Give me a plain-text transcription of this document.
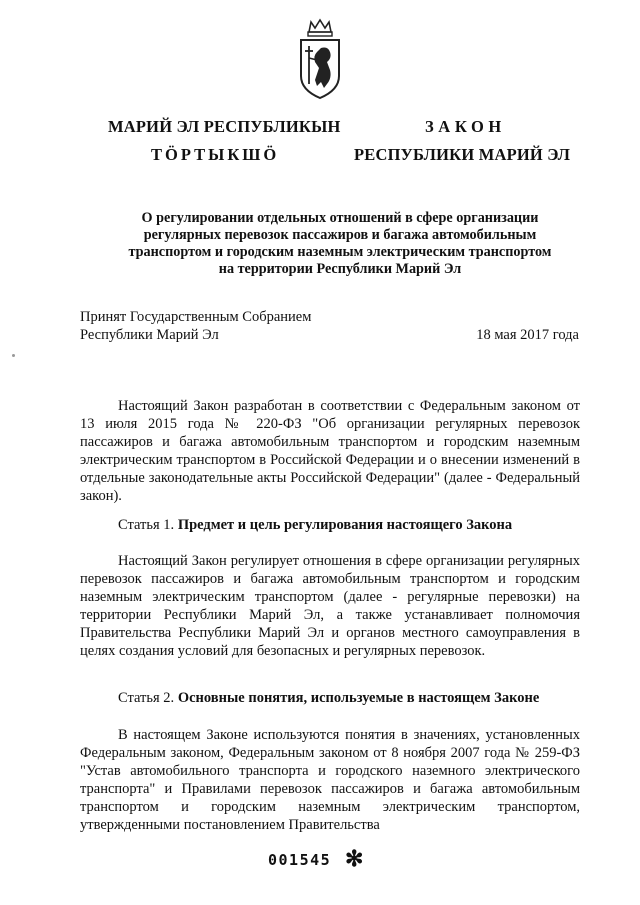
МАРИЙ ЭЛ РЕСПУБЛИКЫН
ТӦРТЫКШӦ
ЗАКОН
РЕСПУБЛИКИ МАРИЙ ЭЛ
О регулировании отдельных отношений в сфере организации
регулярных перевозок пассажиров и багажа автомобильным
транспортом и городским наземным электрическим транспортом
на территории Республики Марий Эл
Принят Государственным Собранием
Республики Марий Эл	18 мая 2017 года
Настоящий Закон разработан в соответствии с Федеральным законом от 13 июля 2015 года № 220-ФЗ "Об организации регулярных перевозок пассажиров и багажа автомобильным транспортом и городским наземным электрическим транспортом в Российской Федерации и о внесении изменений в отдельные законодательные акты Российской Федерации" (далее - Федеральный закон).
Статья 1. Предмет и цель регулирования настоящего Закона
Настоящий Закон регулирует отношения в сфере организации регулярных перевозок пассажиров и багажа автомобильным транспортом и городским наземным электрическим транспортом (далее - регулярные перевозки) на территории Республики Марий Эл, а также устанавливает полномочия Правительства Республики Марий Эл и органов местного самоуправления в целях создания условий для безопасных и регулярных перевозок.
Статья 2. Основные понятия, используемые в настоящем Законе
В настоящем Законе используются понятия в значениях, установленных Федеральным законом, Федеральным законом от 8 ноября 2007 года № 259-ФЗ "Устав автомобильного транспорта и городского наземного электрического транспорта" и Правилами перевозок пассажиров и багажа автомобильным транспортом и городским наземным электрическим транспортом, утвержденными постановлением Правительства
001545 ✻
